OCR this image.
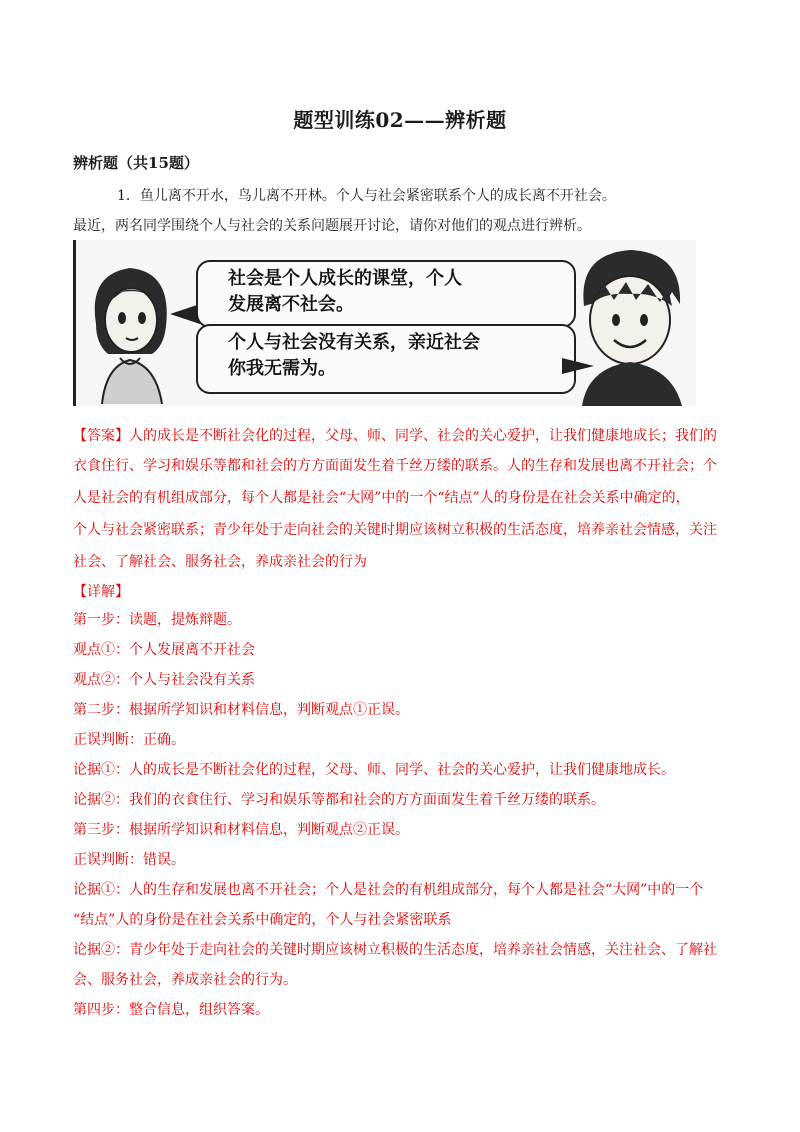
题型训练02——辨析题
辨析题（共15题）
1．鱼儿离不开水，鸟儿离不开林。个人与社会紧密联系个人的成长离不开社会。
最近，两名同学围绕个人与社会的关系问题展开讨论，请你对他们的观点进行辨析。
社会是个人成长的课堂，个人
发展离不社会。
个人与社会没有关系，亲近社会
你我无需为。
【答案】人的成长是不断社会化的过程，父母、师、同学、社会的关心爱护，让我们健康地成长；我们的
衣食住行、学习和娱乐等都和社会的方方面面发生着千丝万缕的联系。人的生存和发展也离不开社会；个
人是社会的有机组成部分，每个人都是社会“大网”中的一个“结点”人的身份是在社会关系中确定的，
个人与社会紧密联系；青少年处于走向社会的关键时期应该树立积极的生活态度，培养亲社会情感，关注
社会、了解社会、服务社会，养成亲社会的行为
【详解】
第一步：读题，提炼辩题。
观点①：个人发展离不开社会
观点②：个人与社会没有关系
第二步：根据所学知识和材料信息，判断观点①正误。
正误判断：正确。
论据①：人的成长是不断社会化的过程，父母、师、同学、社会的关心爱护，让我们健康地成长。
论据②：我们的衣食住行、学习和娱乐等都和社会的方方面面发生着千丝万缕的联系。
第三步：根据所学知识和材料信息，判断观点②正误。
正误判断：错误。
论据①：人的生存和发展也离不开社会；个人是社会的有机组成部分，每个人都是社会“大网”中的一个
“结点”人的身份是在社会关系中确定的，个人与社会紧密联系
论据②：青少年处于走向社会的关键时期应该树立积极的生活态度，培养亲社会情感，关注社会、了解社
会、服务社会，养成亲社会的行为。
第四步：整合信息，组织答案。
